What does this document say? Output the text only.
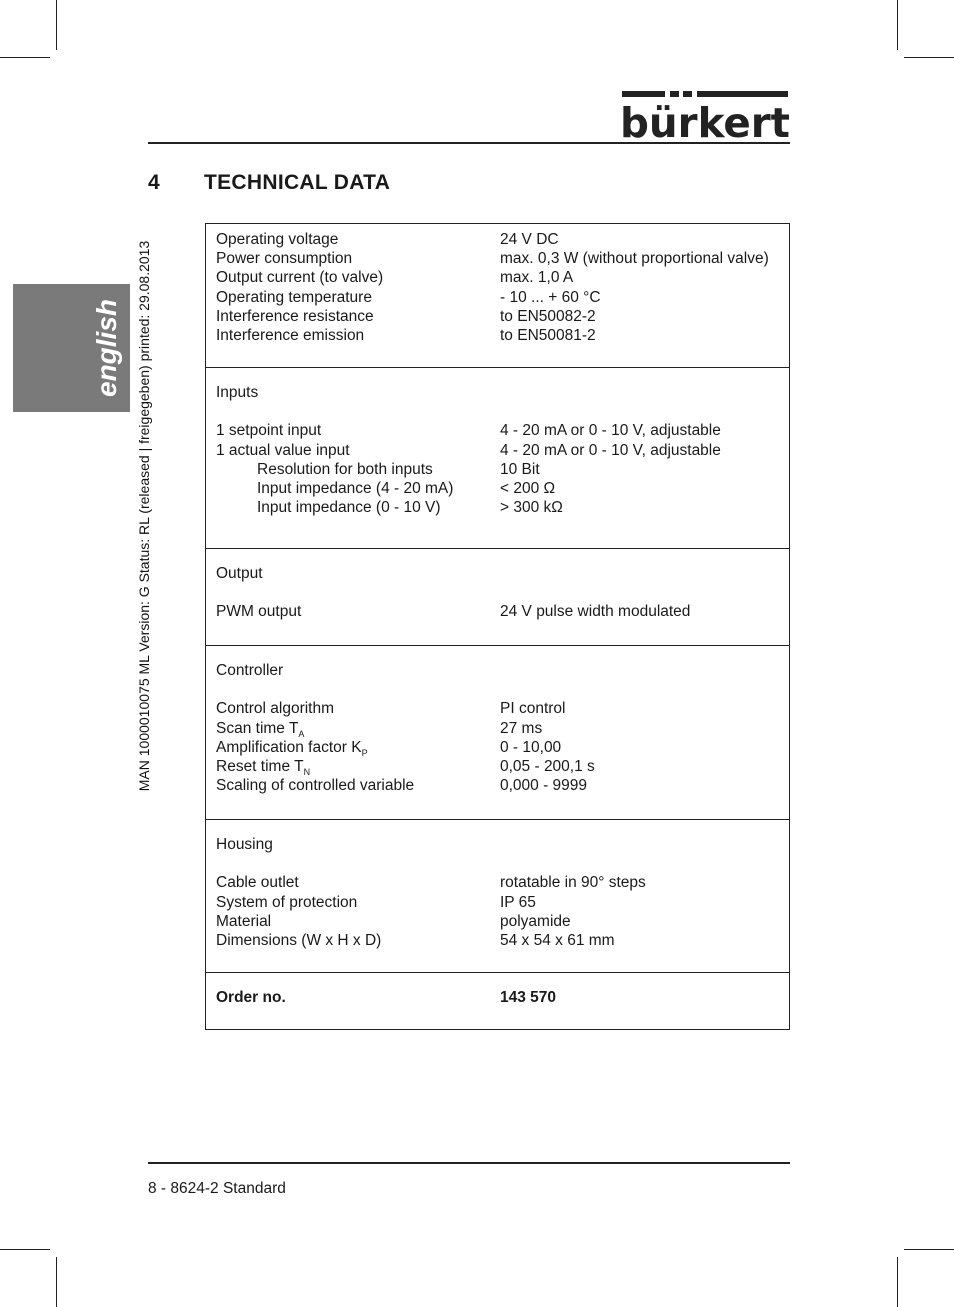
bürkert
4 TECHNICAL DATA
english MAN 1000010075 ML Version: G Status: RL (released | freigegeben) printed: 29.08.2013
Operating voltage	24 V DC
Power consumption	max. 0,3 W (without proportional valve)
Output current (to valve)	max. 1,0 A
Operating temperature	- 10 ... + 60 °C
Interference resistance	to EN50082-2
Interference emission	to EN50081-2
Inputs
1 setpoint input	4 - 20 mA or 0 - 10 V, adjustable
1 actual value input	4 - 20 mA or 0 - 10 V, adjustable
Resolution for both inputs	10 Bit
Input impedance (4 - 20 mA)	< 200 Ω
Input impedance (0 - 10 V)	> 300 kΩ
Output
PWM output	24 V pulse width modulated
Controller
Control algorithm	PI control
Scan time $T_A$	27 ms
Amplification factor $K_P$	0 - 10,00
Reset time $T_N$	0,05 - 200,1 s
Scaling of controlled variable	0,000 - 9999
Housing
Cable outlet	rotatable in 90° steps
System of protection	IP 65
Material	polyamide
Dimensions (W x H x D)	54 x 54 x 61 mm
Order no.	143 570
8 - 8624-2 Standard
